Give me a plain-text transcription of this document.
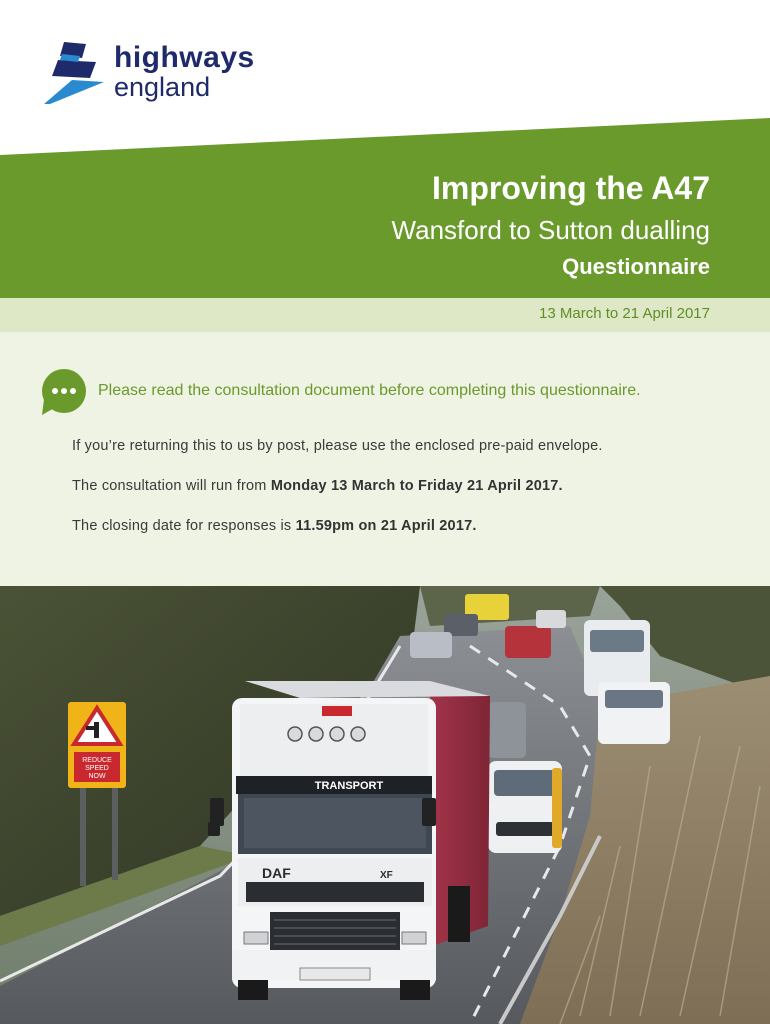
highways
england
Improving the A47
Wansford to Sutton dualling
Questionnaire
13 March to 21 April 2017
Please read the consultation document before completing this questionnaire.
If you’re returning this to us by post, please use the enclosed pre-paid envelope.
The consultation will run from Monday 13 March to Friday 21 April 2017.
The closing date for responses is 11.59pm on 21 April 2017.
REDUCE
SPEED
NOW
TRANSPORT
DAF	XF
